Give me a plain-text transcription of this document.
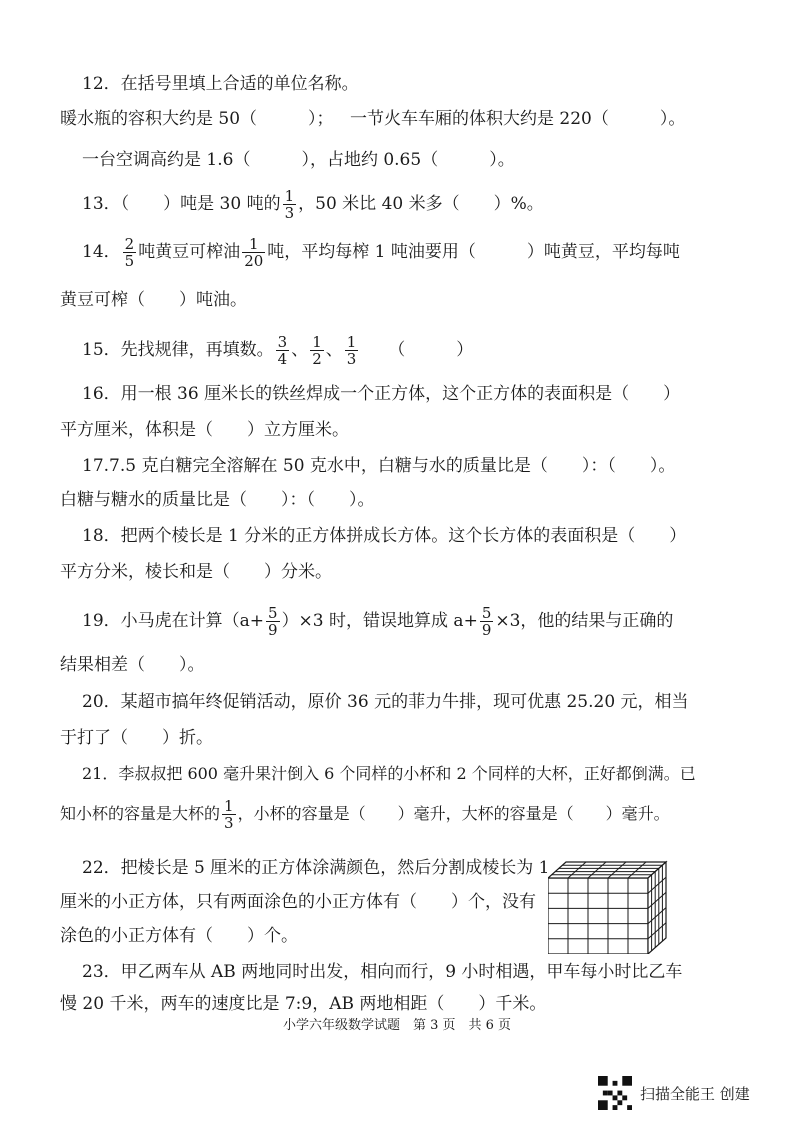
12．在括号里填上合适的单位名称。
暖水瓶的容积大约是 50（　　　）； 一节火车车厢的体积大约是 220（　　　）。
一台空调高约是 1.6（　　　），占地约 0.65（　　　）。
13．（　　）吨是 30 吨的 $\frac{1}{3}$ ，50 米比 40 米多（　　）%。
14． $\frac{2}{5}$ 吨黄豆可榨油 $\frac{1}{20}$ 吨，平均每榨 1 吨油要用（　　　）吨黄豆，平均每吨
黄豆可榨（　　）吨油。
15．先找规律，再填数。 $\frac{3}{4}$ 、 $\frac{1}{2}$ 、 $\frac{1}{3}$ （　　　）
16．用一根 36 厘米长的铁丝焊成一个正方体，这个正方体的表面积是（　　）
平方厘米，体积是（　　）立方厘米。
17.7.5 克白糖完全溶解在 50 克水中，白糖与水的质量比是（　　）：（　　）。
白糖与糖水的质量比是（　　）：（　　）。
18．把两个棱长是 1 分米的正方体拼成长方体。这个长方体的表面积是（　　）
平方分米，棱长和是（　　）分米。
19．小马虎在计算$(a+ \frac{5}{9} )\times 3$ 时，错误地算成 $a+ \frac{5}{9} \times 3$，他的结果与正确的
结果相差（　　）。
20．某超市搞年终促销活动，原价 36 元的菲力牛排，现可优惠 25.20 元，相当
于打了（　　）折。
21．李叔叔把 600 毫升果汁倒入 6 个同样的小杯和 2 个同样的大杯，正好都倒满。已
知小杯的容量是大杯的 $\frac{1}{3}$ ，小杯的容量是（　　）毫升，大杯的容量是（　　）毫升。
22．把棱长是 5 厘米的正方体涂满颜色，然后分割成棱长为 1
厘米的小正方体，只有两面涂色的小正方体有（　　）个，没有
涂色的小正方体有（　　）个。
23．甲乙两车从 AB 两地同时出发，相向而行，9 小时相遇，甲车每小时比乙车
慢 20 千米，两车的速度比是 7:9，AB 两地相距（　　）千米。
小学六年级数学试题　第 3 页　共 6 页
扫描全能王 创建
